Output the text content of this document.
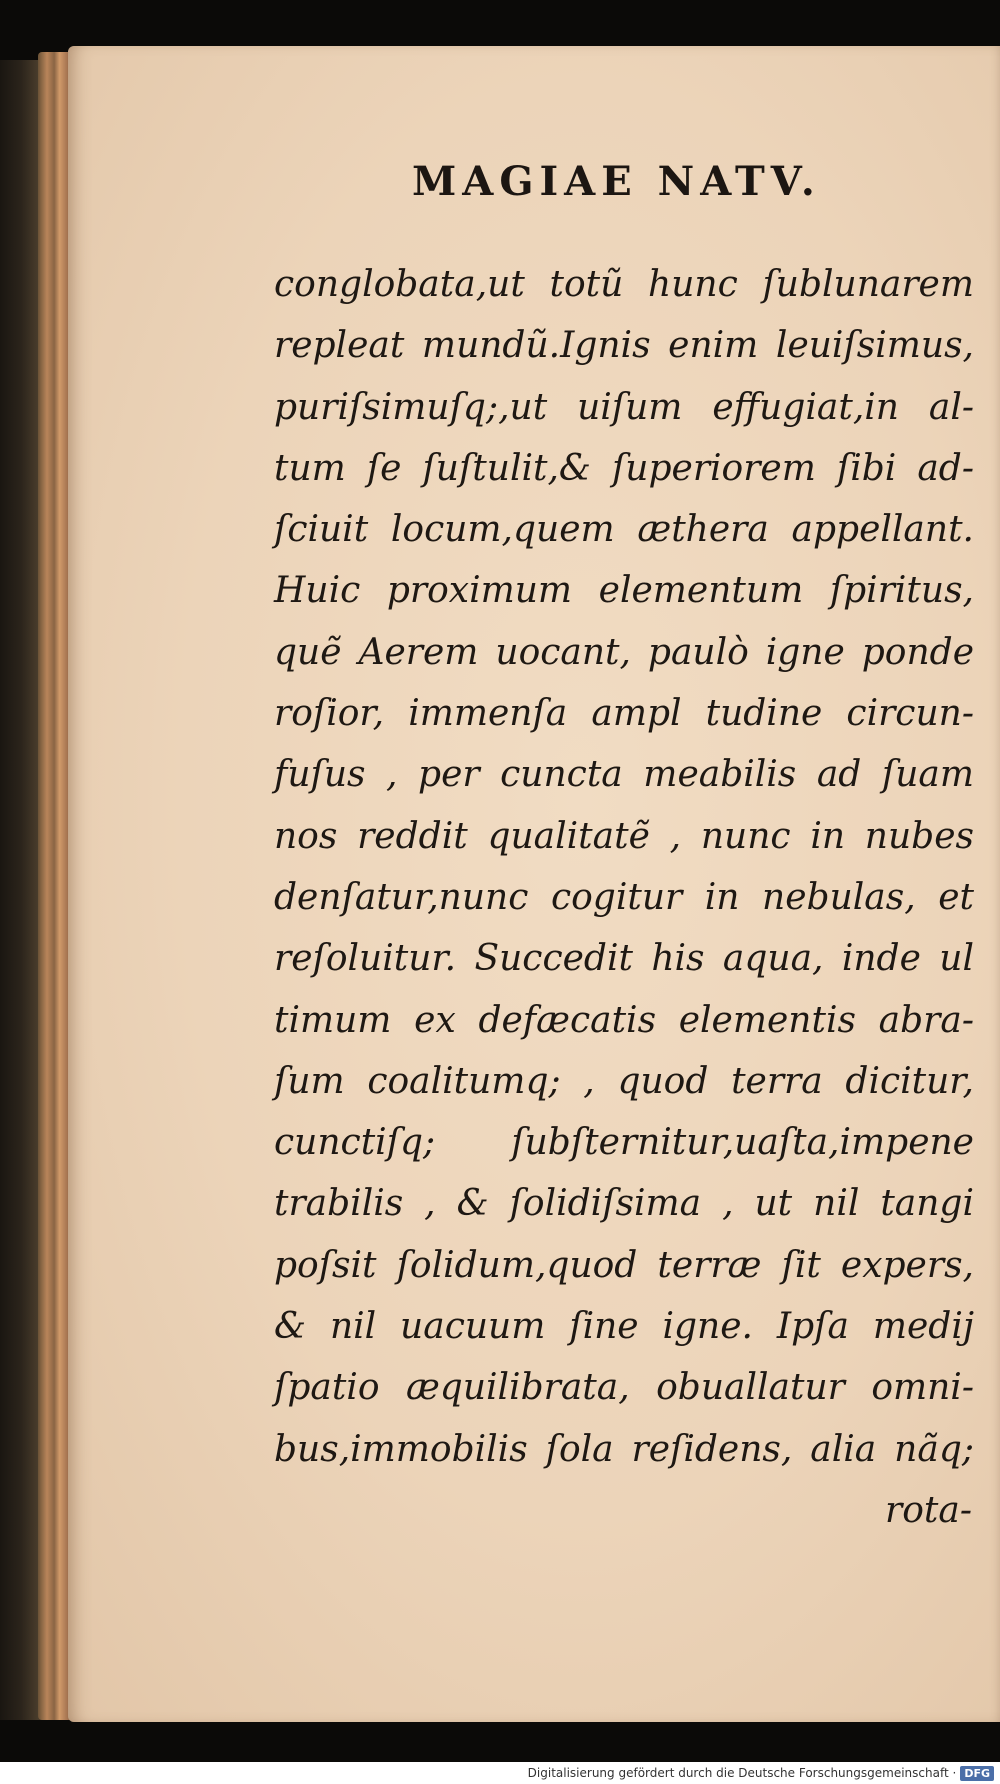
MAGIAE NATV.
conglobata,ut totũ hunc ſublunarem
repleat mundũ.Ignis enim leuiſsimus,
puriſsimuſq;,ut uiſum effugiat,in al-
tum ſe ſuſtulit,& ſuperiorem ſibi ad-
ſciuit locum,quem æthera appellant.
Huic proximum elementum ſpiritus,
quẽ Aerem uocant, paulò igne ponde
roſior, immenſa ampl tudine circun-
fuſus , per cuncta meabilis ad ſuam
nos reddit qualitatẽ , nunc in nubes
denſatur,nunc cogitur in nebulas, et
reſoluitur. Succedit his aqua, inde ul
timum ex defæcatis elementis abra-
ſum coalitumq; , quod terra dicitur,
cunctiſq; ſubſternitur,uaſta,impene
trabilis , & ſolidiſsima , ut nil tangi
poſsit ſolidum,quod terræ ſit expers,
& nil uacuum ſine igne. Ipſa medij
ſpatio æquilibrata, obuallatur omni-
bus,immobilis ſola reſidens, alia nãq;
rota-
Digitalisierung gefördert durch die Deutsche Forschungsgemeinschaft · DFG
